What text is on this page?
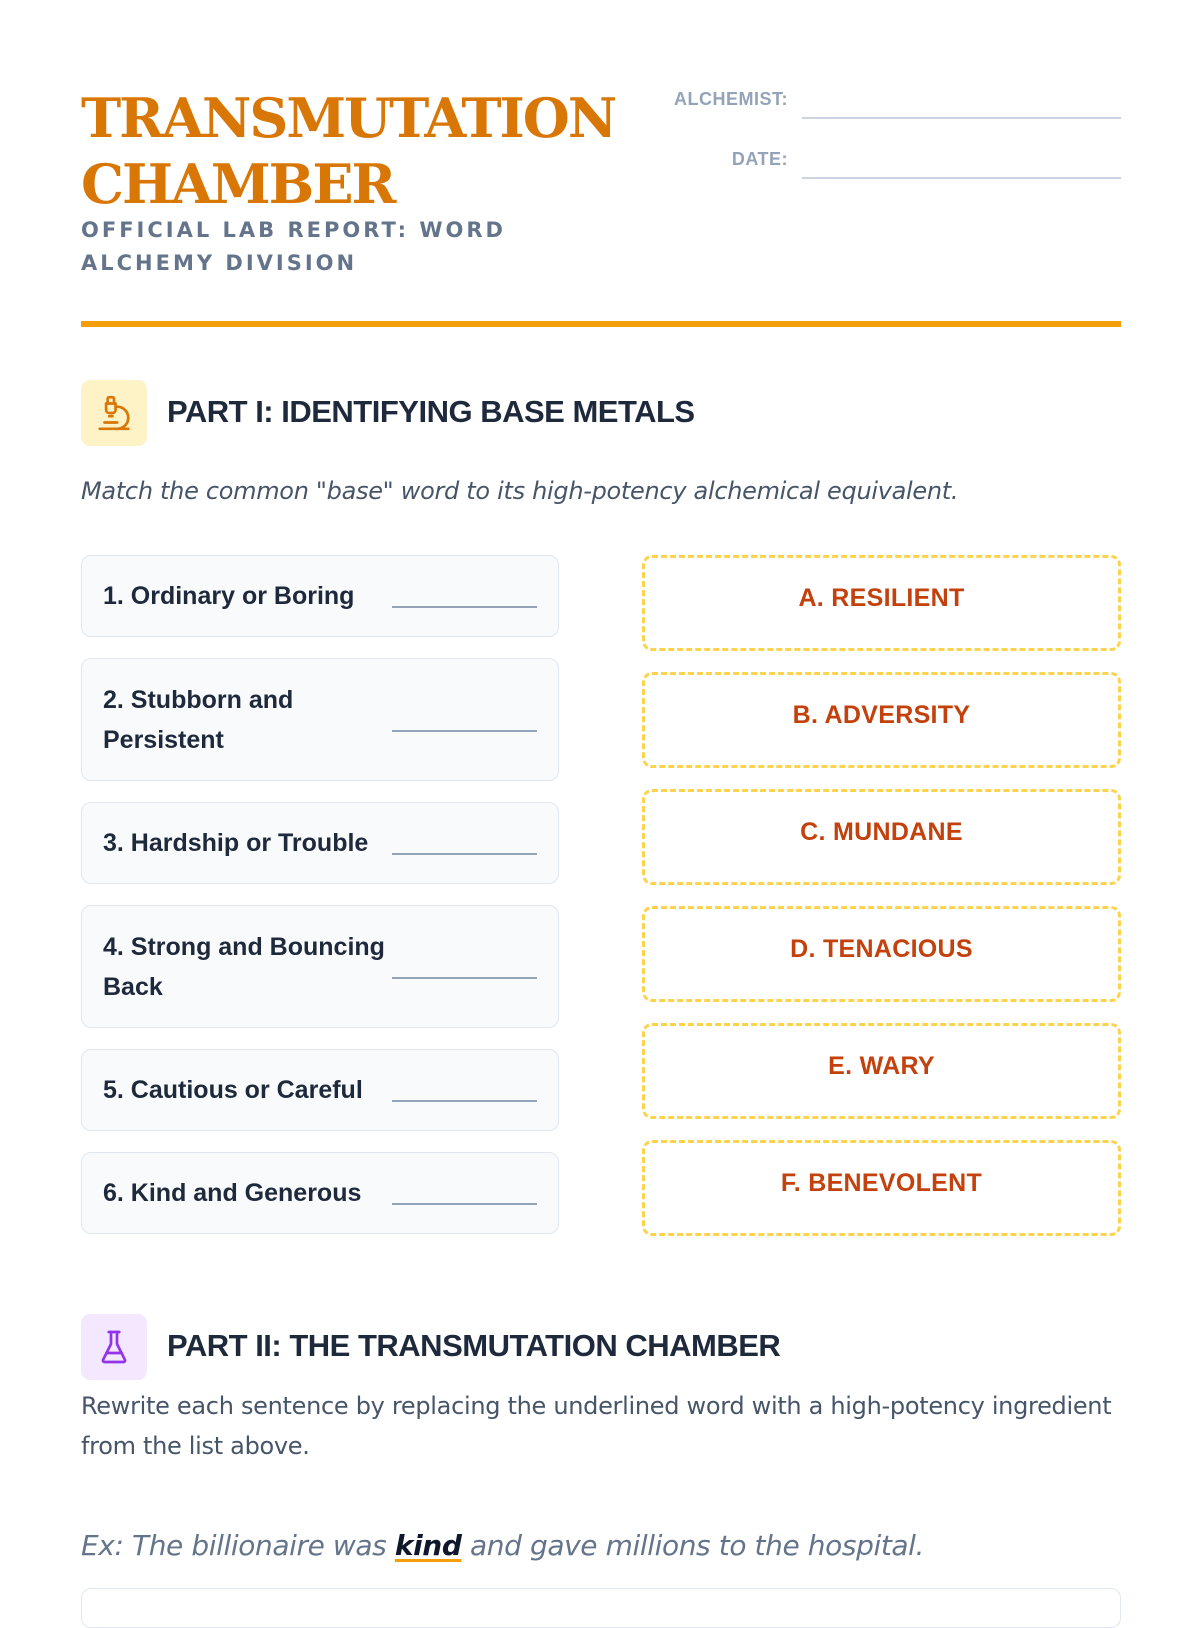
TRANSMUTATION CHAMBER
OFFICIAL LAB REPORT: WORD ALCHEMY DIVISION
ALCHEMIST:
DATE:
PART I: IDENTIFYING BASE METALS
Match the common "base" word to its high-potency alchemical equivalent.
1. Ordinary or Boring
2. Stubborn and Persistent
3. Hardship or Trouble
4. Strong and Bouncing Back
5. Cautious or Careful
6. Kind and Generous
A. RESILIENT
B. ADVERSITY
C. MUNDANE
D. TENACIOUS
E. WARY
F. BENEVOLENT
PART II: THE TRANSMUTATION CHAMBER
Rewrite each sentence by replacing the underlined word with a high-potency ingredient from the list above.
Ex: The billionaire was kind and gave millions to the hospital.
